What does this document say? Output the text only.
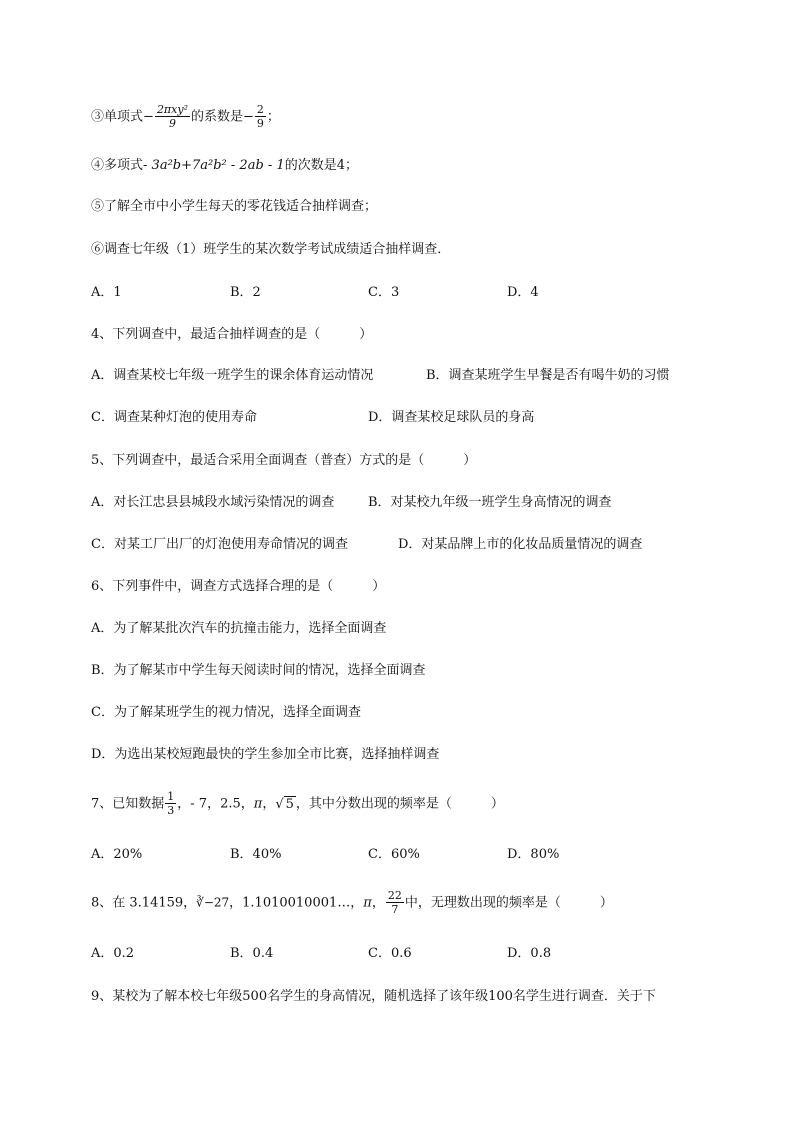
③单项式− $\frac{\text{2πxy²}}{9}$ 的系数是− $\frac{2}{9}$ ；
④多项式- 3a²b+7a²b² - 2ab - 1的次数是4；
⑤了解全市中小学生每天的零花钱适合抽样调查；
⑥调查七年级（1）班学生的某次数学考试成绩适合抽样调查．
A．1	B．2	C．3	D．4
4、下列调查中，最适合抽样调查的是（　　　）
A．调查某校七年级一班学生的课余体育运动情况	B．调查某班学生早餐是否有喝牛奶的习惯
C．调查某种灯泡的使用寿命	D．调查某校足球队员的身高
5、下列调查中，最适合采用全面调查（普查）方式的是（　　　）
A．对长江忠县县城段水域污染情况的调查	B．对某校九年级一班学生身高情况的调查
C．对某工厂出厂的灯泡使用寿命情况的调查	D．对某品牌上市的化妆品质量情况的调查
6、下列事件中，调查方式选择合理的是（　　　）
A．为了解某批次汽车的抗撞击能力，选择全面调查
B．为了解某市中学生每天阅读时间的情况，选择全面调查
C．为了解某班学生的视力情况，选择全面调查
D．为选出某校短跑最快的学生参加全市比赛，选择抽样调查
7、已知数据 $\frac{1}{3}$ ，- 7，2.5，π，√ 5 ，其中分数出现的频率是（　　　）
A．20%	B．40%	C．60%	D．80%
8、在 3.14159，∛−27，1.1010010001…，π， $\frac{22}{7}$ 中，无理数出现的频率是（　　　）
A．0.2	B．0.4	C．0.6	D．0.8
9、某校为了解本校七年级500名学生的身高情况，随机选择了该年级100名学生进行调查．关于下
